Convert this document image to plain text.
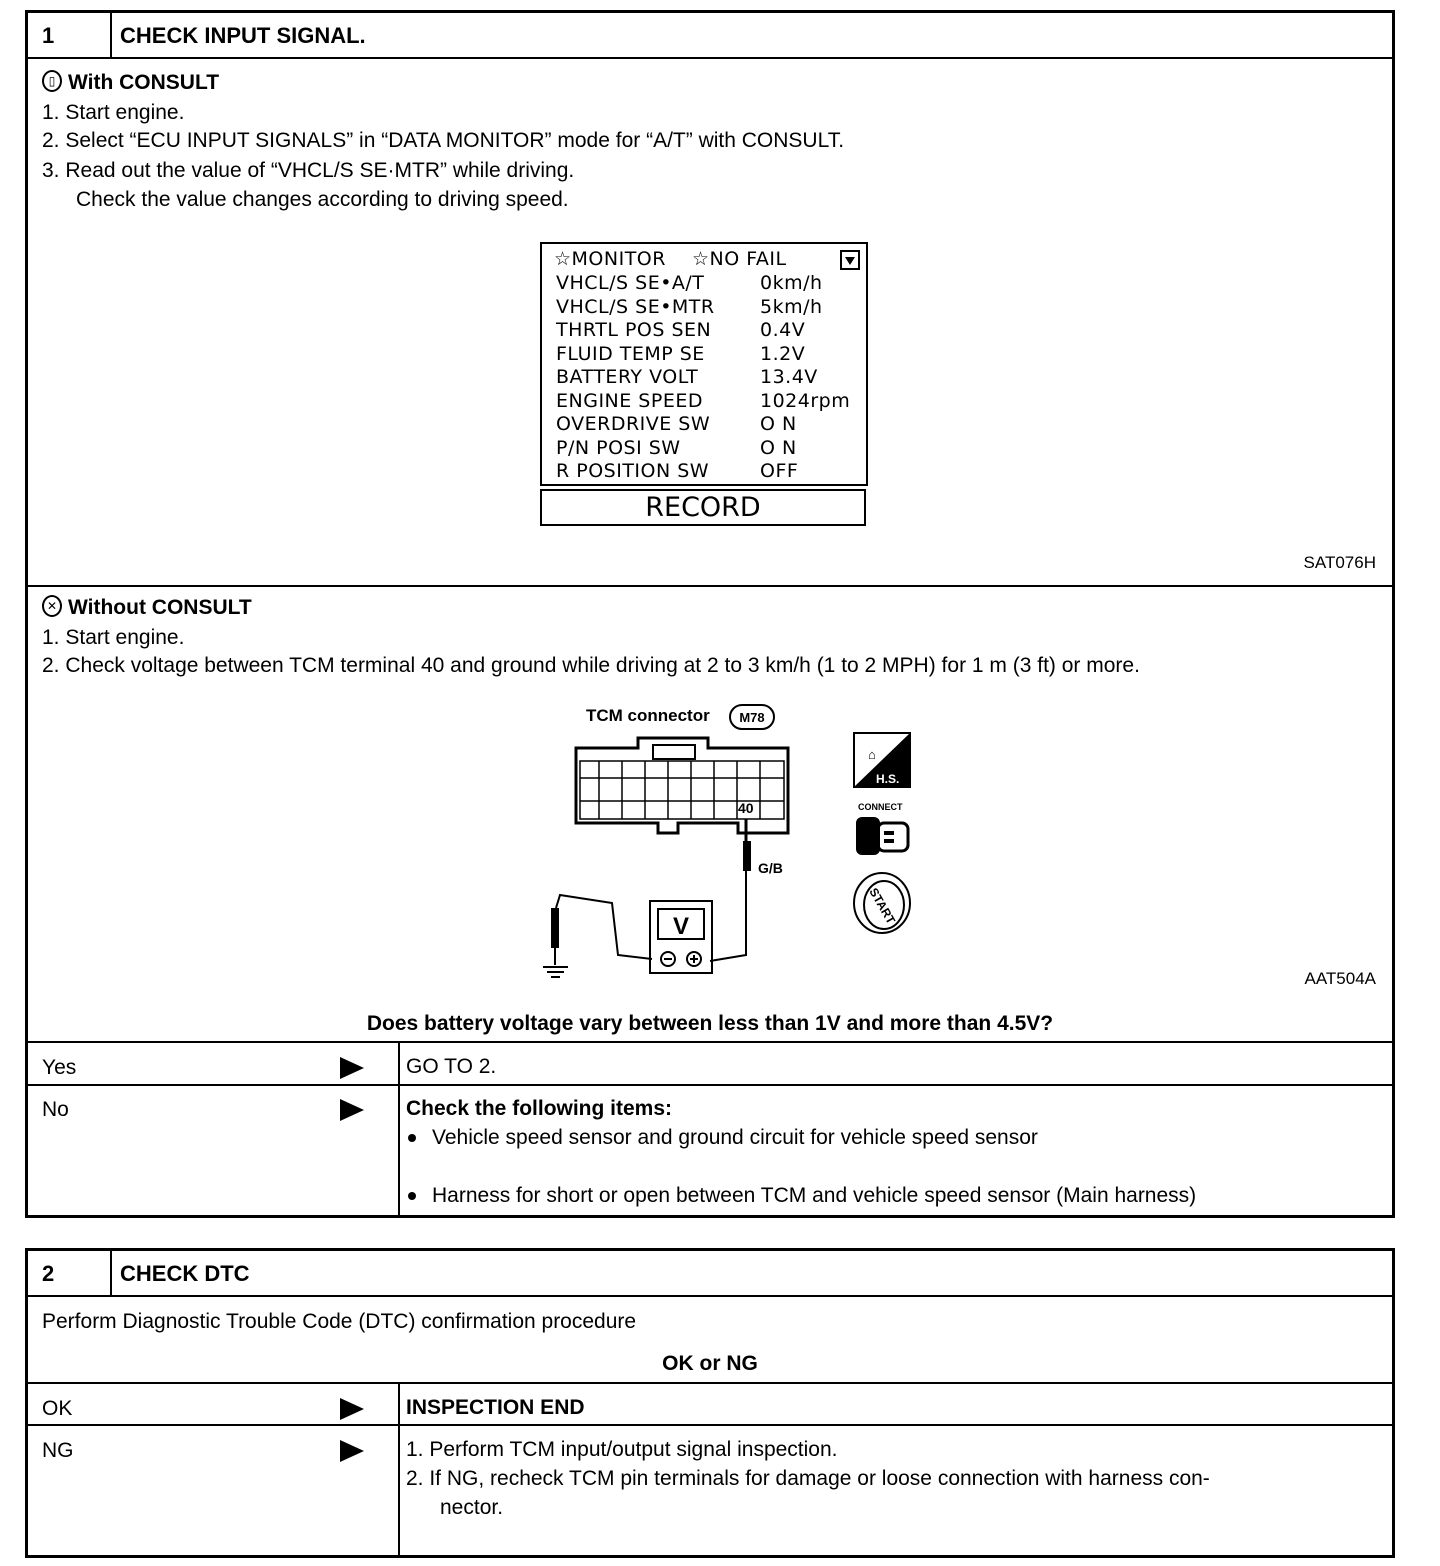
1	CHECK INPUT SIGNAL.
▯ With CONSULT
1. Start engine.
2. Select “ECU INPUT SIGNALS” in “DATA MONITOR” mode for “A/T” with CONSULT.
3. Read out the value of “VHCL/S SE·MTR” while driving.
Check the value changes according to driving speed.
☆MONITOR ☆NO FAIL
VHCL/S SE•A/T	0km/h
VHCL/S SE•MTR 5km/h
THRTL POS SEN	0.4V
FLUID TEMP SE	1.2V
BATTERY VOLT	13.4V
ENGINE SPEED	1024rpm
OVERDRIVE SW	O N
P/N POSI SW	O N
R POSITION SW	OFF
RECORD
SAT076H
✕ Without CONSULT
1. Start engine.
2. Check voltage between TCM terminal 40 and ground while driving at 2 to 3 km/h (1 to 2 MPH) for 1 m (3 ft) or more.
TCM connector M78
40
G/B
V
⌂
H.S.
CONNECT
START
AAT504A
Does battery voltage vary between less than 1V and more than 4.5V?
Yes	GO TO 2.
No	Check the following items:
Vehicle speed sensor and ground circuit for vehicle speed sensor
Harness for short or open between TCM and vehicle speed sensor (Main harness)
2	CHECK DTC
Perform Diagnostic Trouble Code (DTC) confirmation procedure
OK or NG
OK	INSPECTION END
NG	1. Perform TCM input/output signal inspection.
2. If NG, recheck TCM pin terminals for damage or loose connection with harness con-
nector.
